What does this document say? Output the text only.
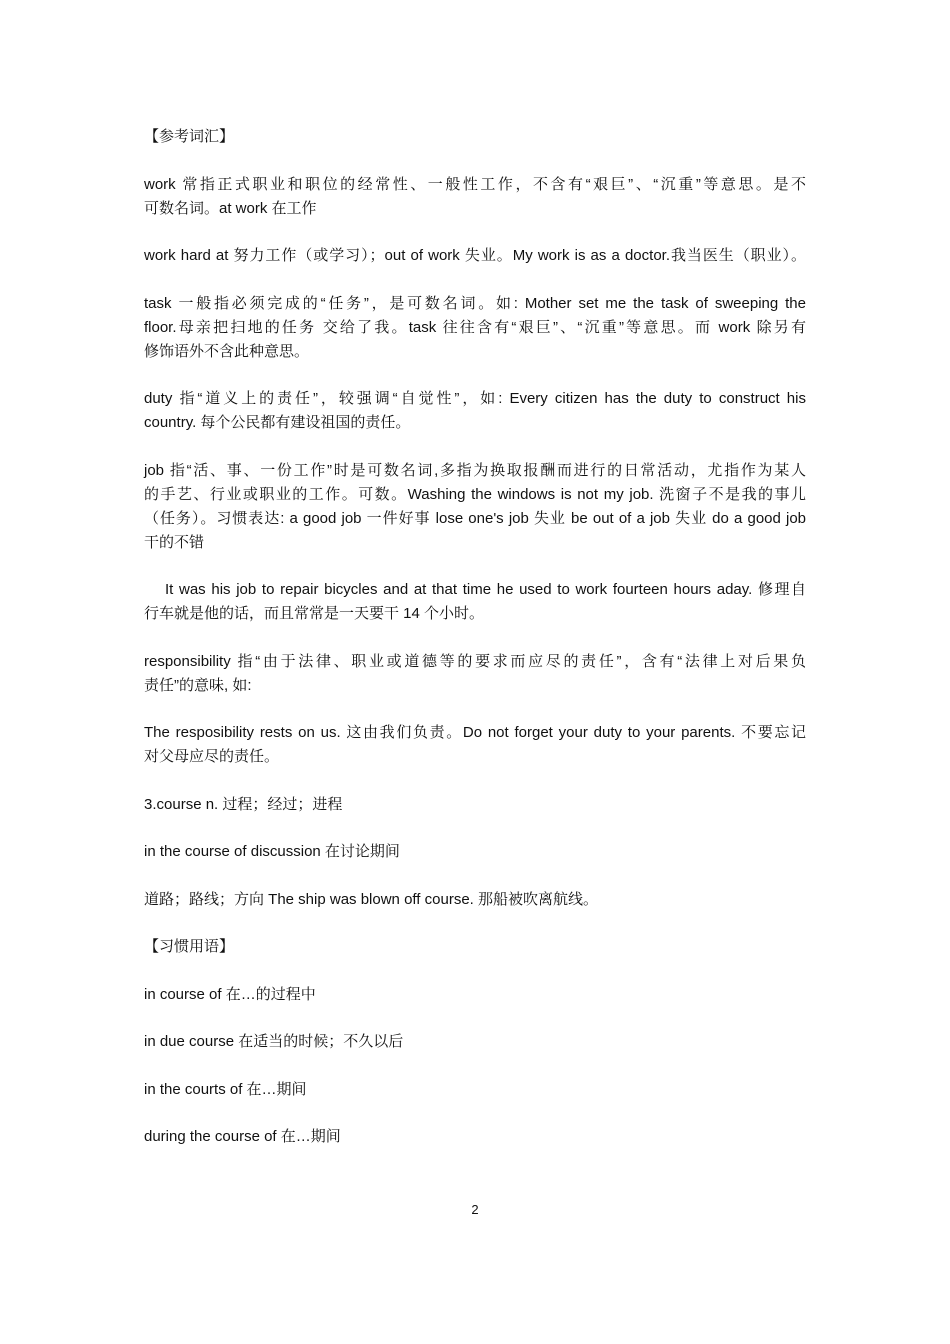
【参考词汇】

work 常指正式职业和职位的经常性、一般性工作，不含有“艰巨”、“沉重”等意思。是不
可数名词。at work 在工作

work hard at 努力工作（或学习）；out of work 失业。My work is as a doctor.我当医生（职业）。

task 一般指必须完成的“任务”，是可数名词。如: Mother set me the task of sweeping the
floor.母亲把扫地的任务 交给了我。task 往往含有“艰巨”、“沉重”等意思。而 work 除另有
修饰语外不含此种意思。

duty 指“道义上的责任”，较强调“自觉性”，如: Every citizen has the duty to construct his
country. 每个公民都有建设祖国的责任。

job 指“活、事、一份工作”时是可数名词,多指为换取报酬而进行的日常活动，尤指作为某人
的手艺、行业或职业的工作。可数。Washing the windows is not my job. 洗窗子不是我的事儿
（任务）。习惯表达: a good job 一件好事 lose one's job 失业 be out of a job 失业 do a good job
干的不错

It was his job to repair bicycles and at that time he used to work fourteen hours aday. 修理自
行车就是他的话，而且常常是一天要干 14 个小时。

responsibility 指“由于法律、职业或道德等的要求而应尽的责任”，含有“法律上对后果负
责任”的意味, 如:

The resposibility rests on us. 这由我们负责。Do not forget your duty to your parents. 不要忘记
对父母应尽的责任。

3.course n. 过程；经过；进程

in the course of discussion 在讨论期间

道路；路线；方向 The ship was blown off course. 那船被吹离航线。

【习惯用语】

in course of 在…的过程中

in due course 在适当的时候；不久以后

in the courts of 在…期间

during the course of 在…期间

2
